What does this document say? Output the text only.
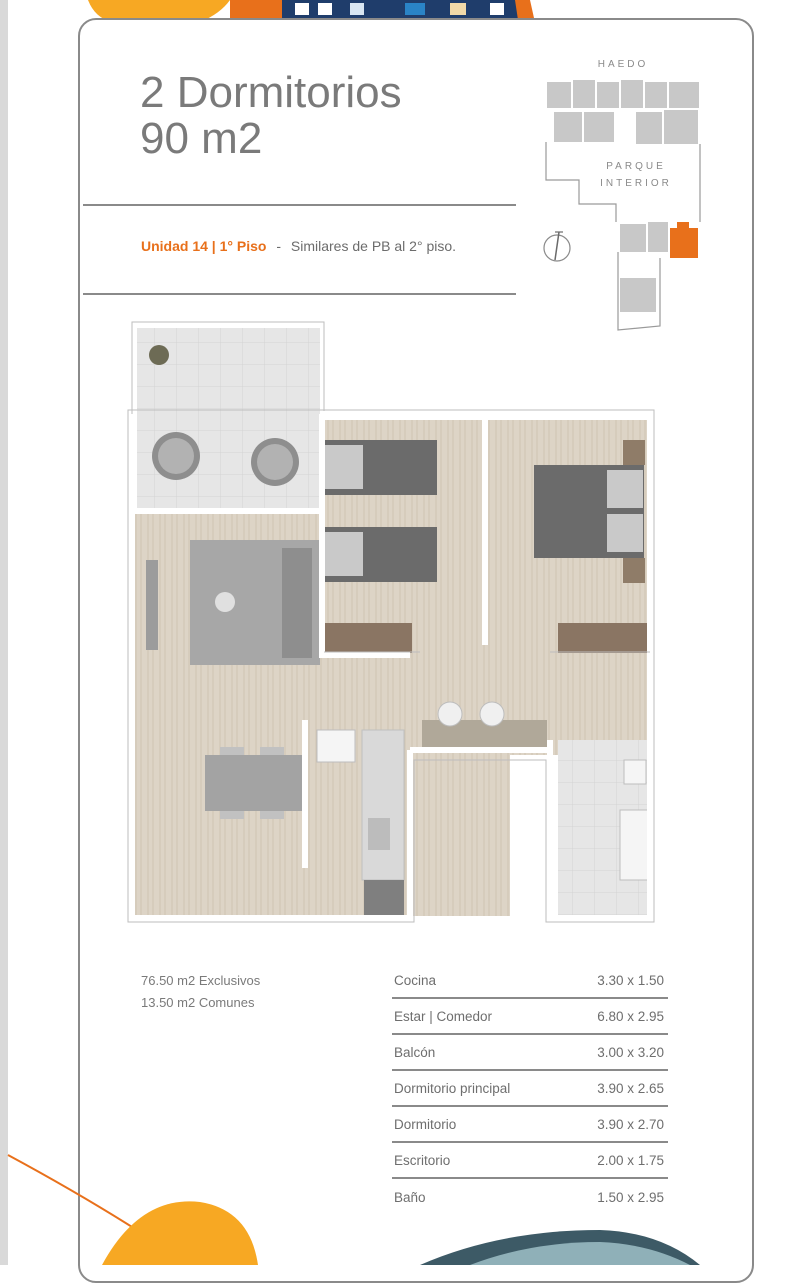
2 Dormitorios
90 m2
Unidad 14 | 1° Piso - Similares de PB al 2° piso.
HAEDO
PARQUE
INTERIOR
76.50 m2 Exclusivos
13.50 m2 Comunes
Cocina	3.30 x 1.50
Estar | Comedor	6.80 x 2.95
Balcón	3.00 x 3.20
Dormitorio principal	3.90 x 2.65
Dormitorio	3.90 x 2.70
Escritorio	2.00 x 1.75
Baño	1.50 x 2.95
